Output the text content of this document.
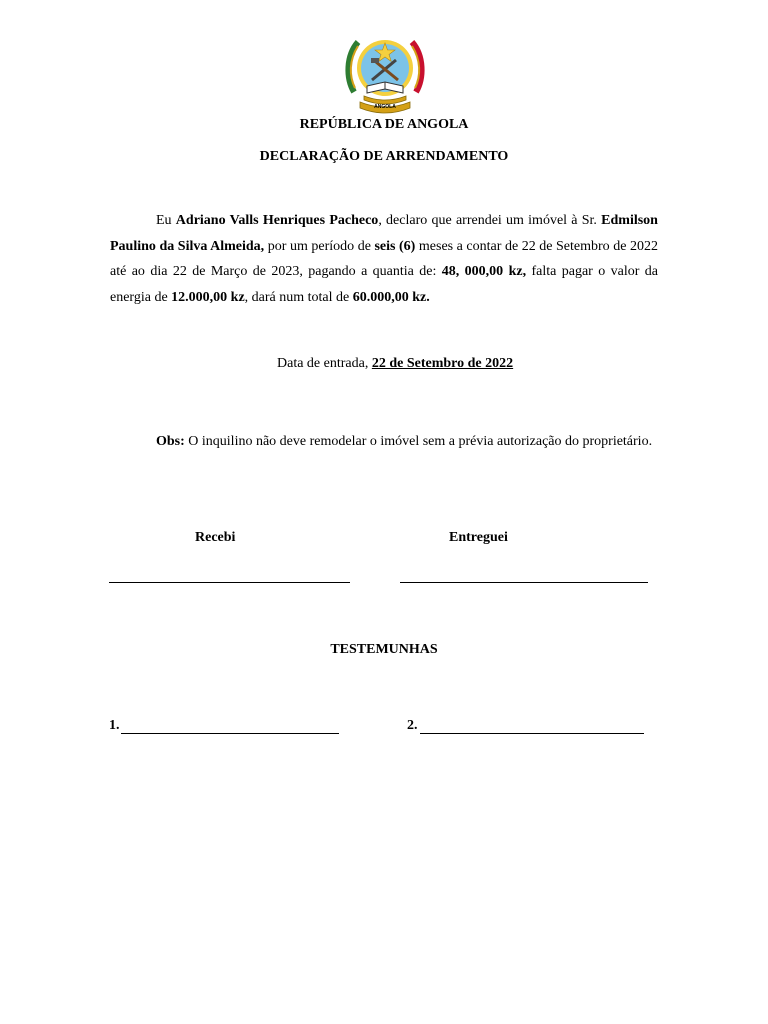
ANGOLA
REPÚBLICA DE ANGOLA
DECLARAÇÃO DE ARRENDAMENTO
Eu Adriano Valls Henriques Pacheco, declaro que arrendei um imóvel à Sr. Edmilson Paulino da Silva Almeida, por um período de seis (6) meses a contar de 22 de Setembro de 2022 até ao dia 22 de Março de 2023, pagando a quantia de: 48, 000,00 kz, falta pagar o valor da energia de 12.000,00 kz, dará num total de 60.000,00 kz.
Data de entrada, 22 de Setembro de 2022
Obs: O inquilino não deve remodelar o imóvel sem a prévia autorização do proprietário.
Recebi	Entreguei
TESTEMUNHAS
1.	2.
